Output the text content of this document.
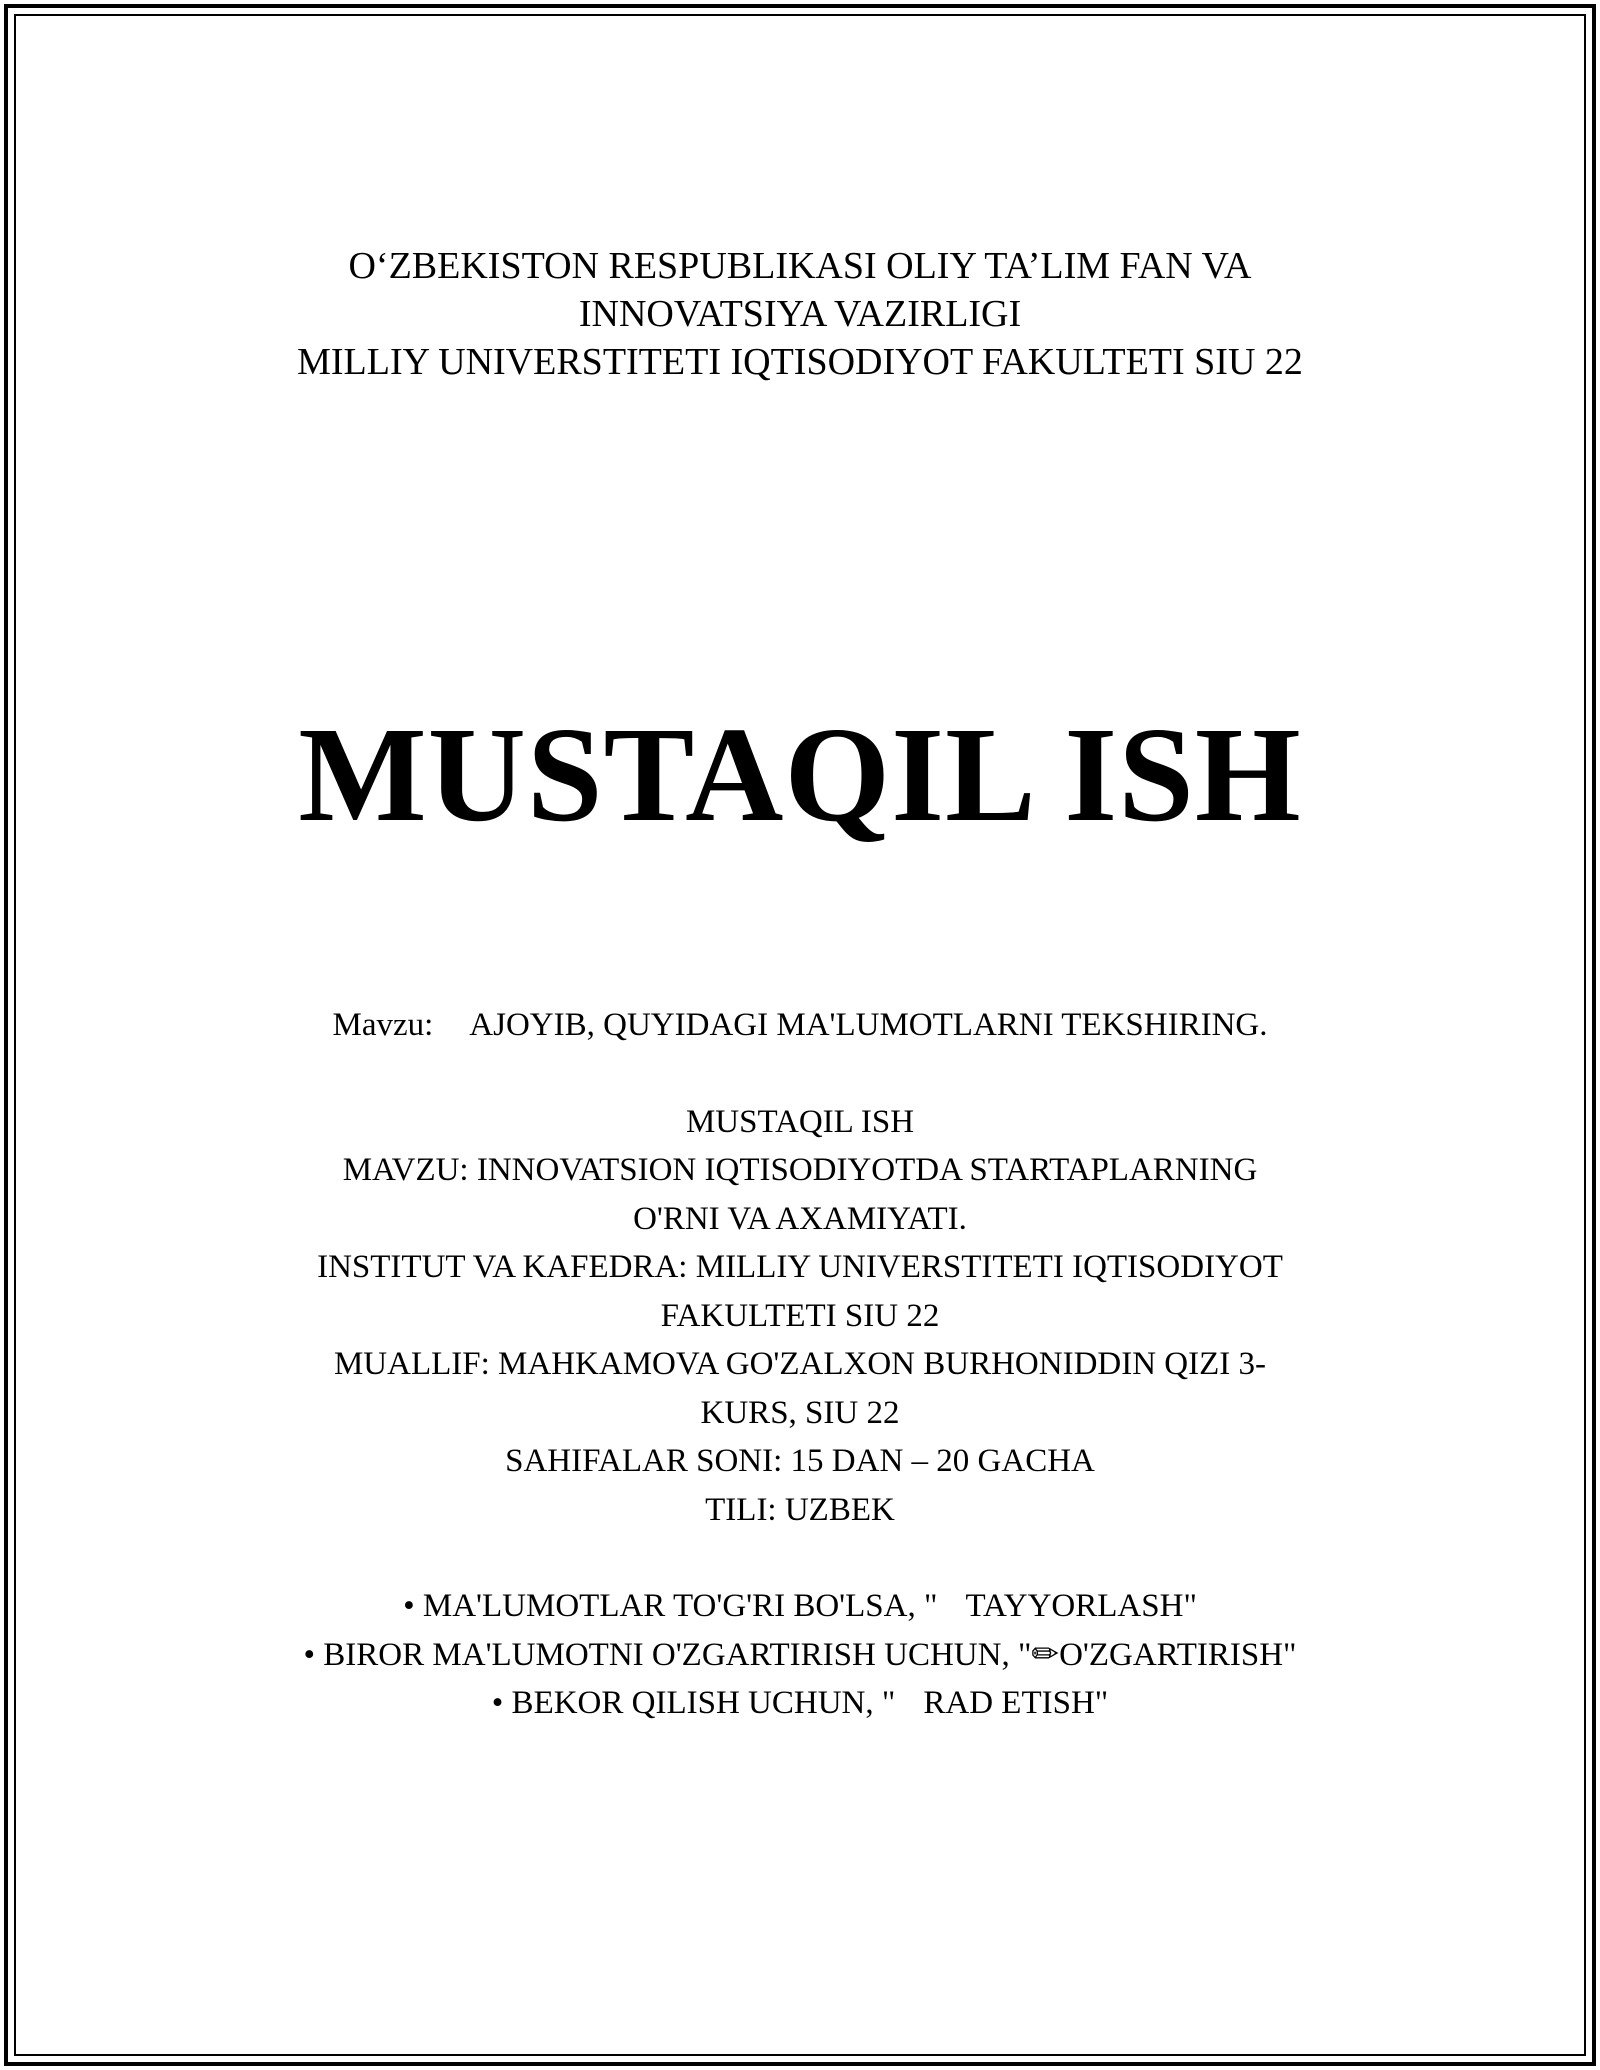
O‘ZBEKISTON RESPUBLIKASI OLIY TA’LIM FAN VA
INNOVATSIYA VAZIRLIGI
MILLIY UNIVERSTITETI IQTISODIYOT FAKULTETI SIU 22
MUSTAQIL ISH
Mavzu: AJOYIB, QUYIDAGI MA'LUMOTLARNI TEKSHIRING.
MUSTAQIL ISH
MAVZU: INNOVATSION IQTISODIYOTDA STARTAPLARNING
O'RNI VA AXAMIYATI.
INSTITUT VA KAFEDRA: MILLIY UNIVERSTITETI IQTISODIYOT
FAKULTETI SIU 22
MUALLIF: MAHKAMOVA GO'ZALXON BURHONIDDIN QIZI 3-
KURS, SIU 22
SAHIFALAR SONI: 15 DAN – 20 GACHA
TILI: UZBEK
• MA'LUMOTLAR TO'G'RI BO'LSA, " TAYYORLASH"
• BIROR MA'LUMOTNI O'ZGARTIRISH UCHUN, "✏O'ZGARTIRISH"
• BEKOR QILISH UCHUN, " RAD ETISH"
